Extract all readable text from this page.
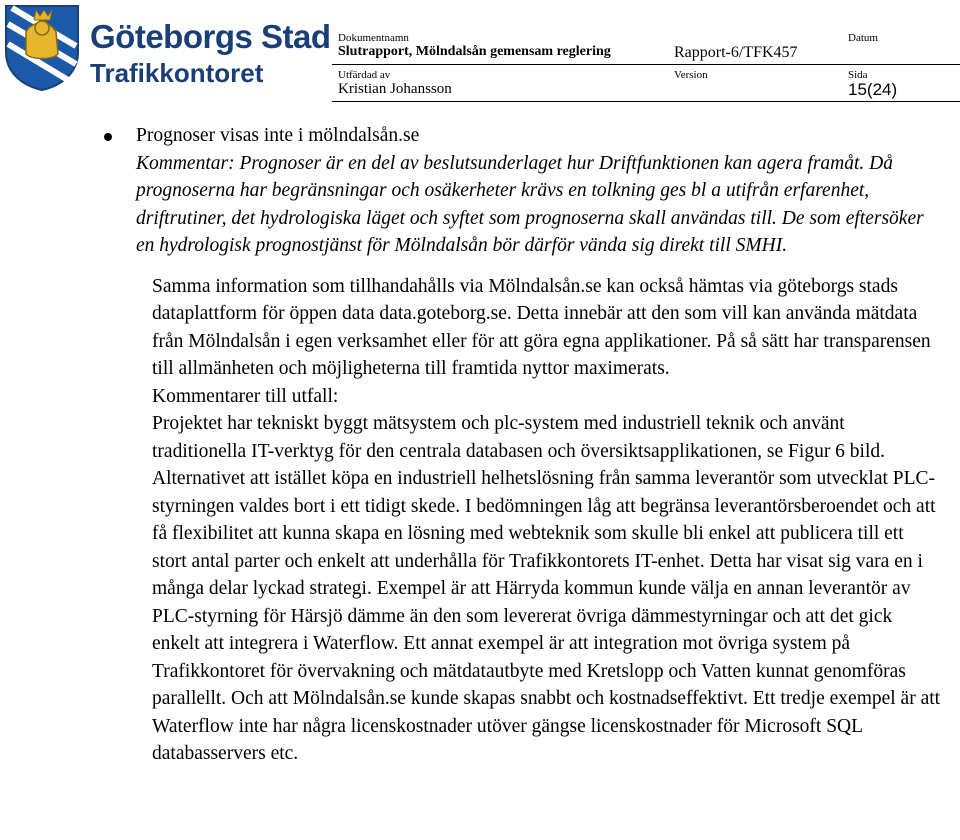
Göteborgs Stad
Trafikkontoret
Dokumentnamn
Slutrapport, Mölndalsån gemensam reglering	Rapport-6/TFK457
Datum
Utfärdad av
Kristian Johansson
Version	Sida
15(24)
Prognoser visas inte i mölndalsån.se
Kommentar: Prognoser är en del av beslutsunderlaget hur Driftfunktionen kan agera framåt. Då prognoserna har begränsningar och osäkerheter krävs en tolkning ges bl a utifrån erfarenhet, driftrutiner, det hydrologiska läget och syftet som prognoserna skall användas till. De som eftersöker en hydrologisk prognostjänst för Mölndalsån bör därför vända sig direkt till SMHI.

Samma information som tillhandahålls via Mölndalsån.se kan också hämtas via göteborgs stads dataplattform för öppen data data.goteborg.se. Detta innebär att den som vill kan använda mätdata från Mölndalsån i egen verksamhet eller för att göra egna applikationer. På så sätt har transparensen till allmänheten och möjligheterna till framtida nyttor maximerats.

Kommentarer till utfall:

Projektet har tekniskt byggt mätsystem och plc-system med industriell teknik och använt traditionella IT-verktyg för den centrala databasen och översiktsapplikationen, se Figur 6 bild. Alternativet att istället köpa en industriell helhetslösning från samma leverantör som utvecklat PLC-styrningen valdes bort i ett tidigt skede. I bedömningen låg att begränsa leverantörsberoendet och att få flexibilitet att kunna skapa en lösning med webteknik som skulle bli enkel att publicera till ett stort antal parter och enkelt att underhålla för Trafikkontorets IT-enhet. Detta har visat sig vara en i många delar lyckad strategi. Exempel är att Härryda kommun kunde välja en annan leverantör av PLC-styrning för Härsjö dämme än den som levererat övriga dämmestyrningar och att det gick enkelt att integrera i Waterflow. Ett annat exempel är att integration mot övriga system på Trafikkontoret för övervakning och mätdatautbyte med Kretslopp och Vatten kunnat genomföras parallellt. Och att Mölndalsån.se kunde skapas snabbt och kostnadseffektivt. Ett tredje exempel är att Waterflow inte har några licenskostnader utöver gängse licenskostnader för Microsoft SQL databasservers etc.
